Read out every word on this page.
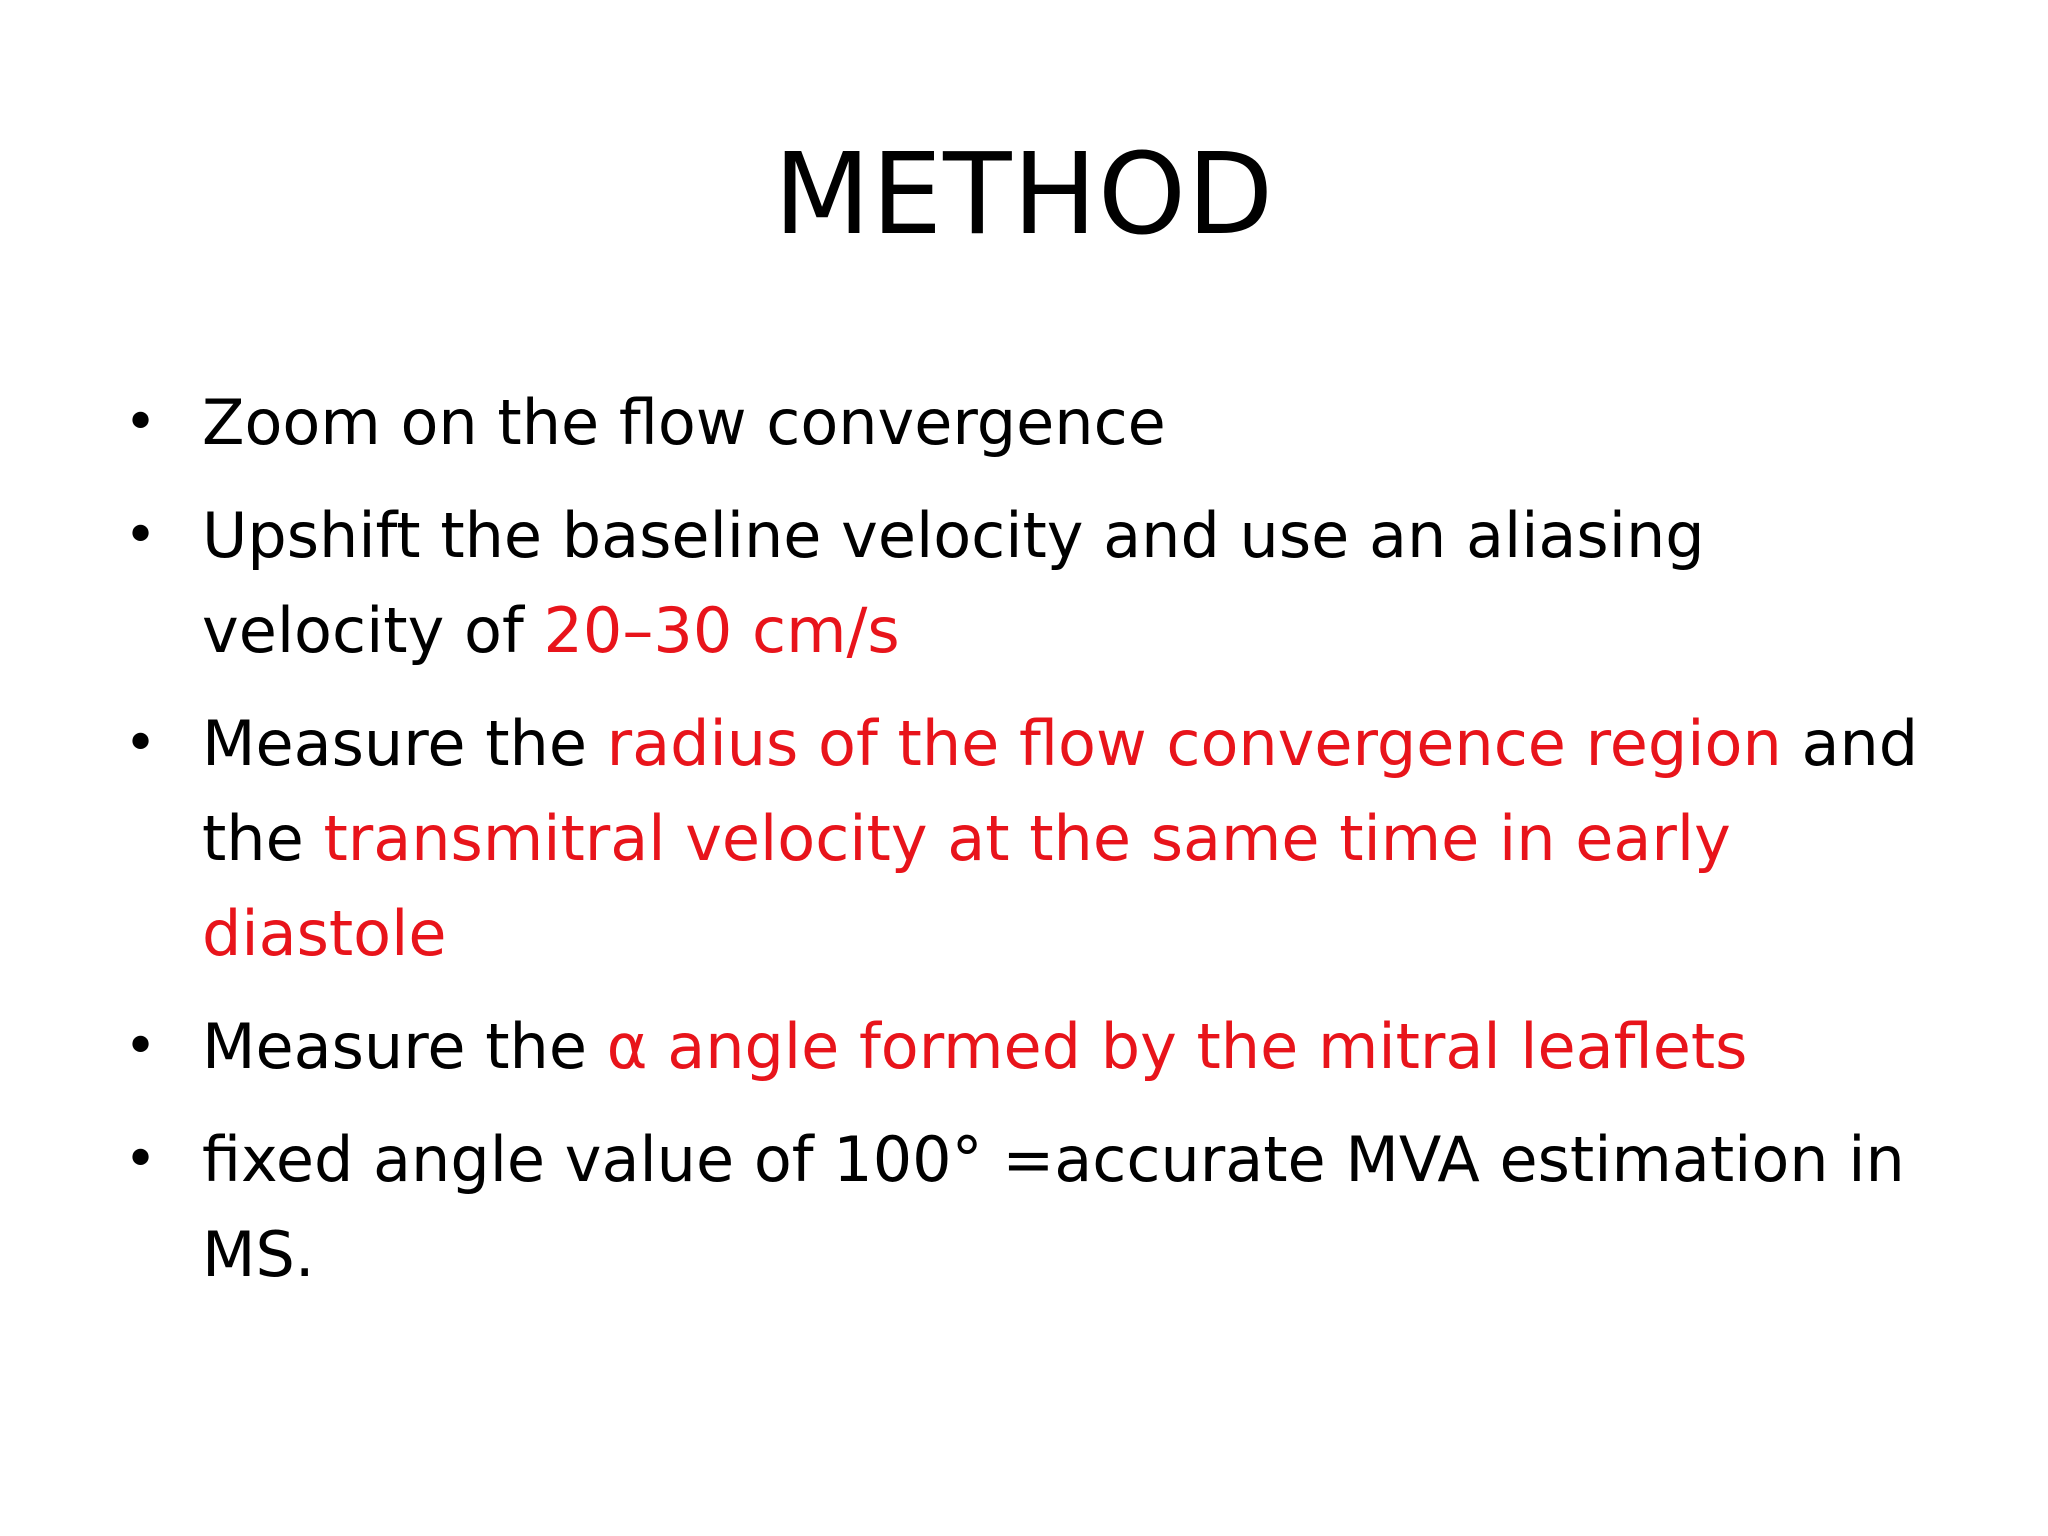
METHOD
• Zoom on the flow convergence
• Upshift the baseline velocity and use an aliasing velocity of 20–30 cm/s
• Measure the radius of the flow convergence region and the transmitral velocity at the same time in early diastole
• Measure the α angle formed by the mitral leaflets
• fixed angle value of 100° =accurate MVA estimation in MS.
